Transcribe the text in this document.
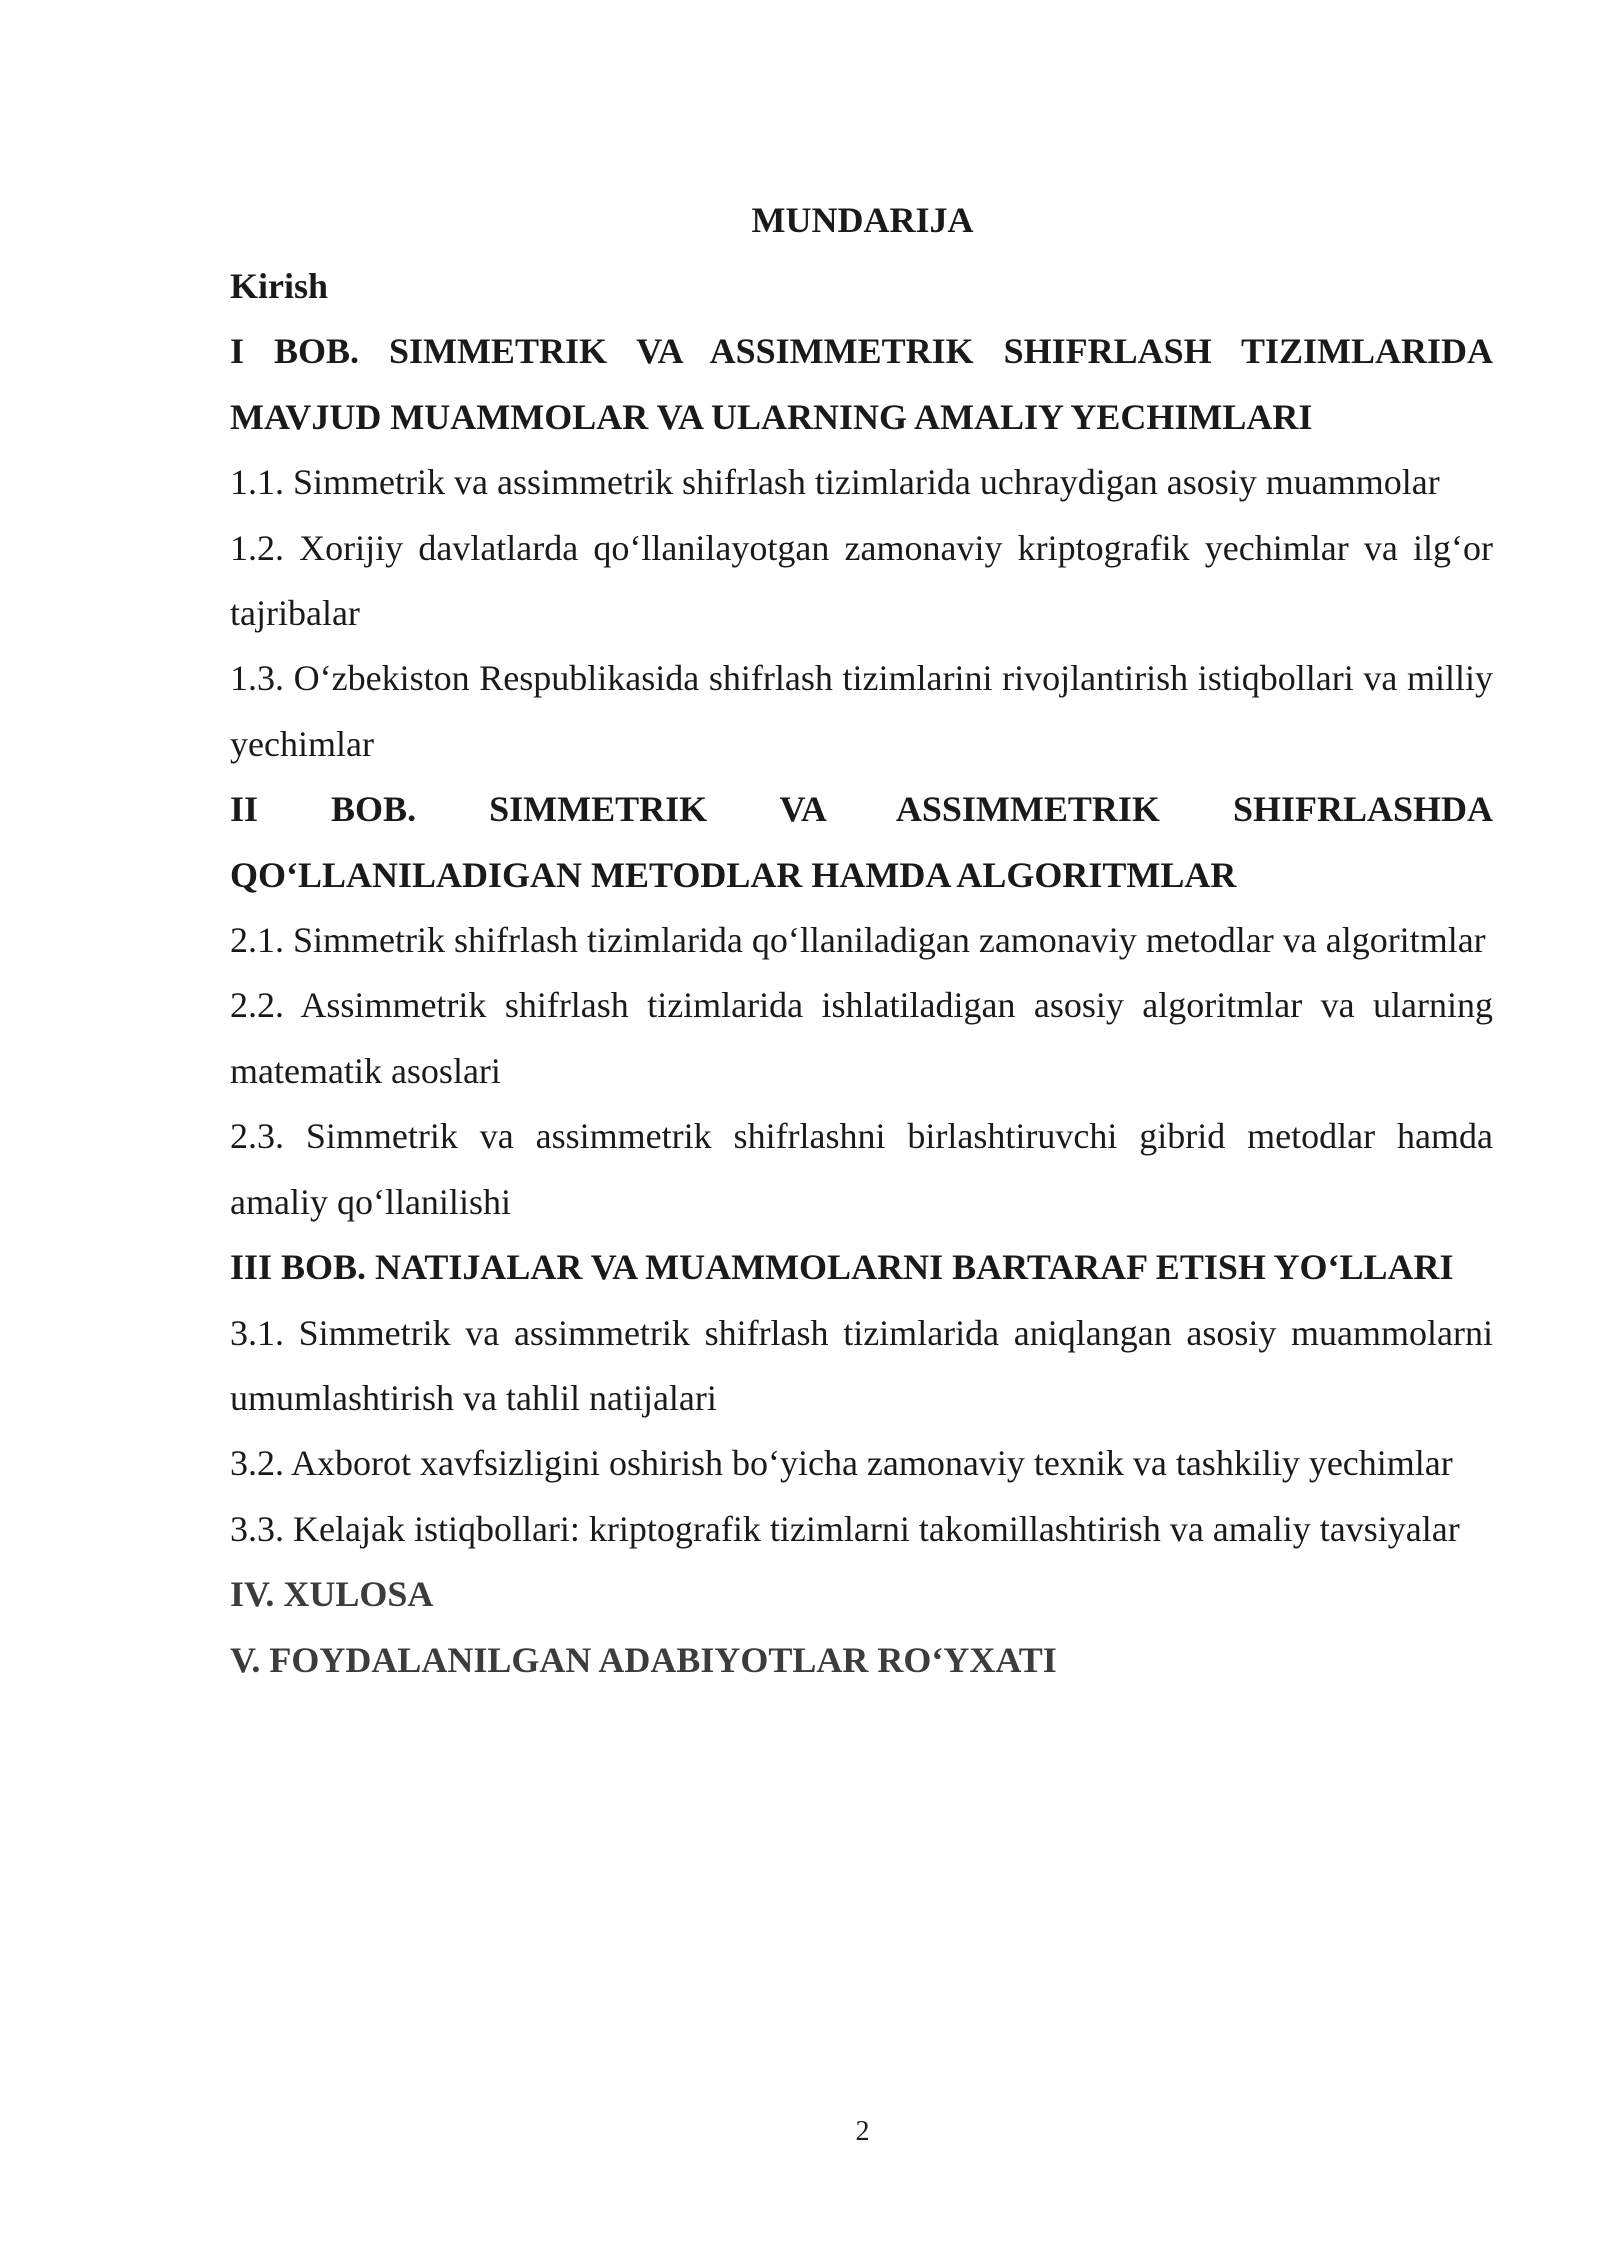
MUNDARIJA

Kirish

I BOB. SIMMETRIK VA ASSIMMETRIK SHIFRLASH TIZIMLARIDA MAVJUD MUAMMOLAR VA ULARNING AMALIY YECHIMLARI

1.1. Simmetrik va assimmetrik shifrlash tizimlarida uchraydigan asosiy muammolar

1.2. Xorijiy davlatlarda qo‘llanilayotgan zamonaviy kriptografik yechimlar va ilg‘or tajribalar

1.3. O‘zbekiston Respublikasida shifrlash tizimlarini rivojlantirish istiqbollari va milliy yechimlar

II BOB. SIMMETRIK VA ASSIMMETRIK SHIFRLASHDA QO‘LLANILADIGAN METODLAR HAMDA ALGORITMLAR

2.1. Simmetrik shifrlash tizimlarida qo‘llaniladigan zamonaviy metodlar va algoritmlar

2.2. Assimmetrik shifrlash tizimlarida ishlatiladigan asosiy algoritmlar va ularning matematik asoslari

2.3. Simmetrik va assimmetrik shifrlashni birlashtiruvchi gibrid metodlar hamda amaliy qo‘llanilishi

III BOB. NATIJALAR VA MUAMMOLARNI BARTARAF ETISH YO‘LLARI

3.1. Simmetrik va assimmetrik shifrlash tizimlarida aniqlangan asosiy muammolarni umumlashtirish va tahlil natijalari

3.2. Axborot xavfsizligini oshirish bo‘yicha zamonaviy texnik va tashkiliy yechimlar

3.3. Kelajak istiqbollari: kriptografik tizimlarni takomillashtirish va amaliy tavsiyalar

IV. XULOSA

V. FOYDALANILGAN ADABIYOTLAR RO‘YXATI

2
